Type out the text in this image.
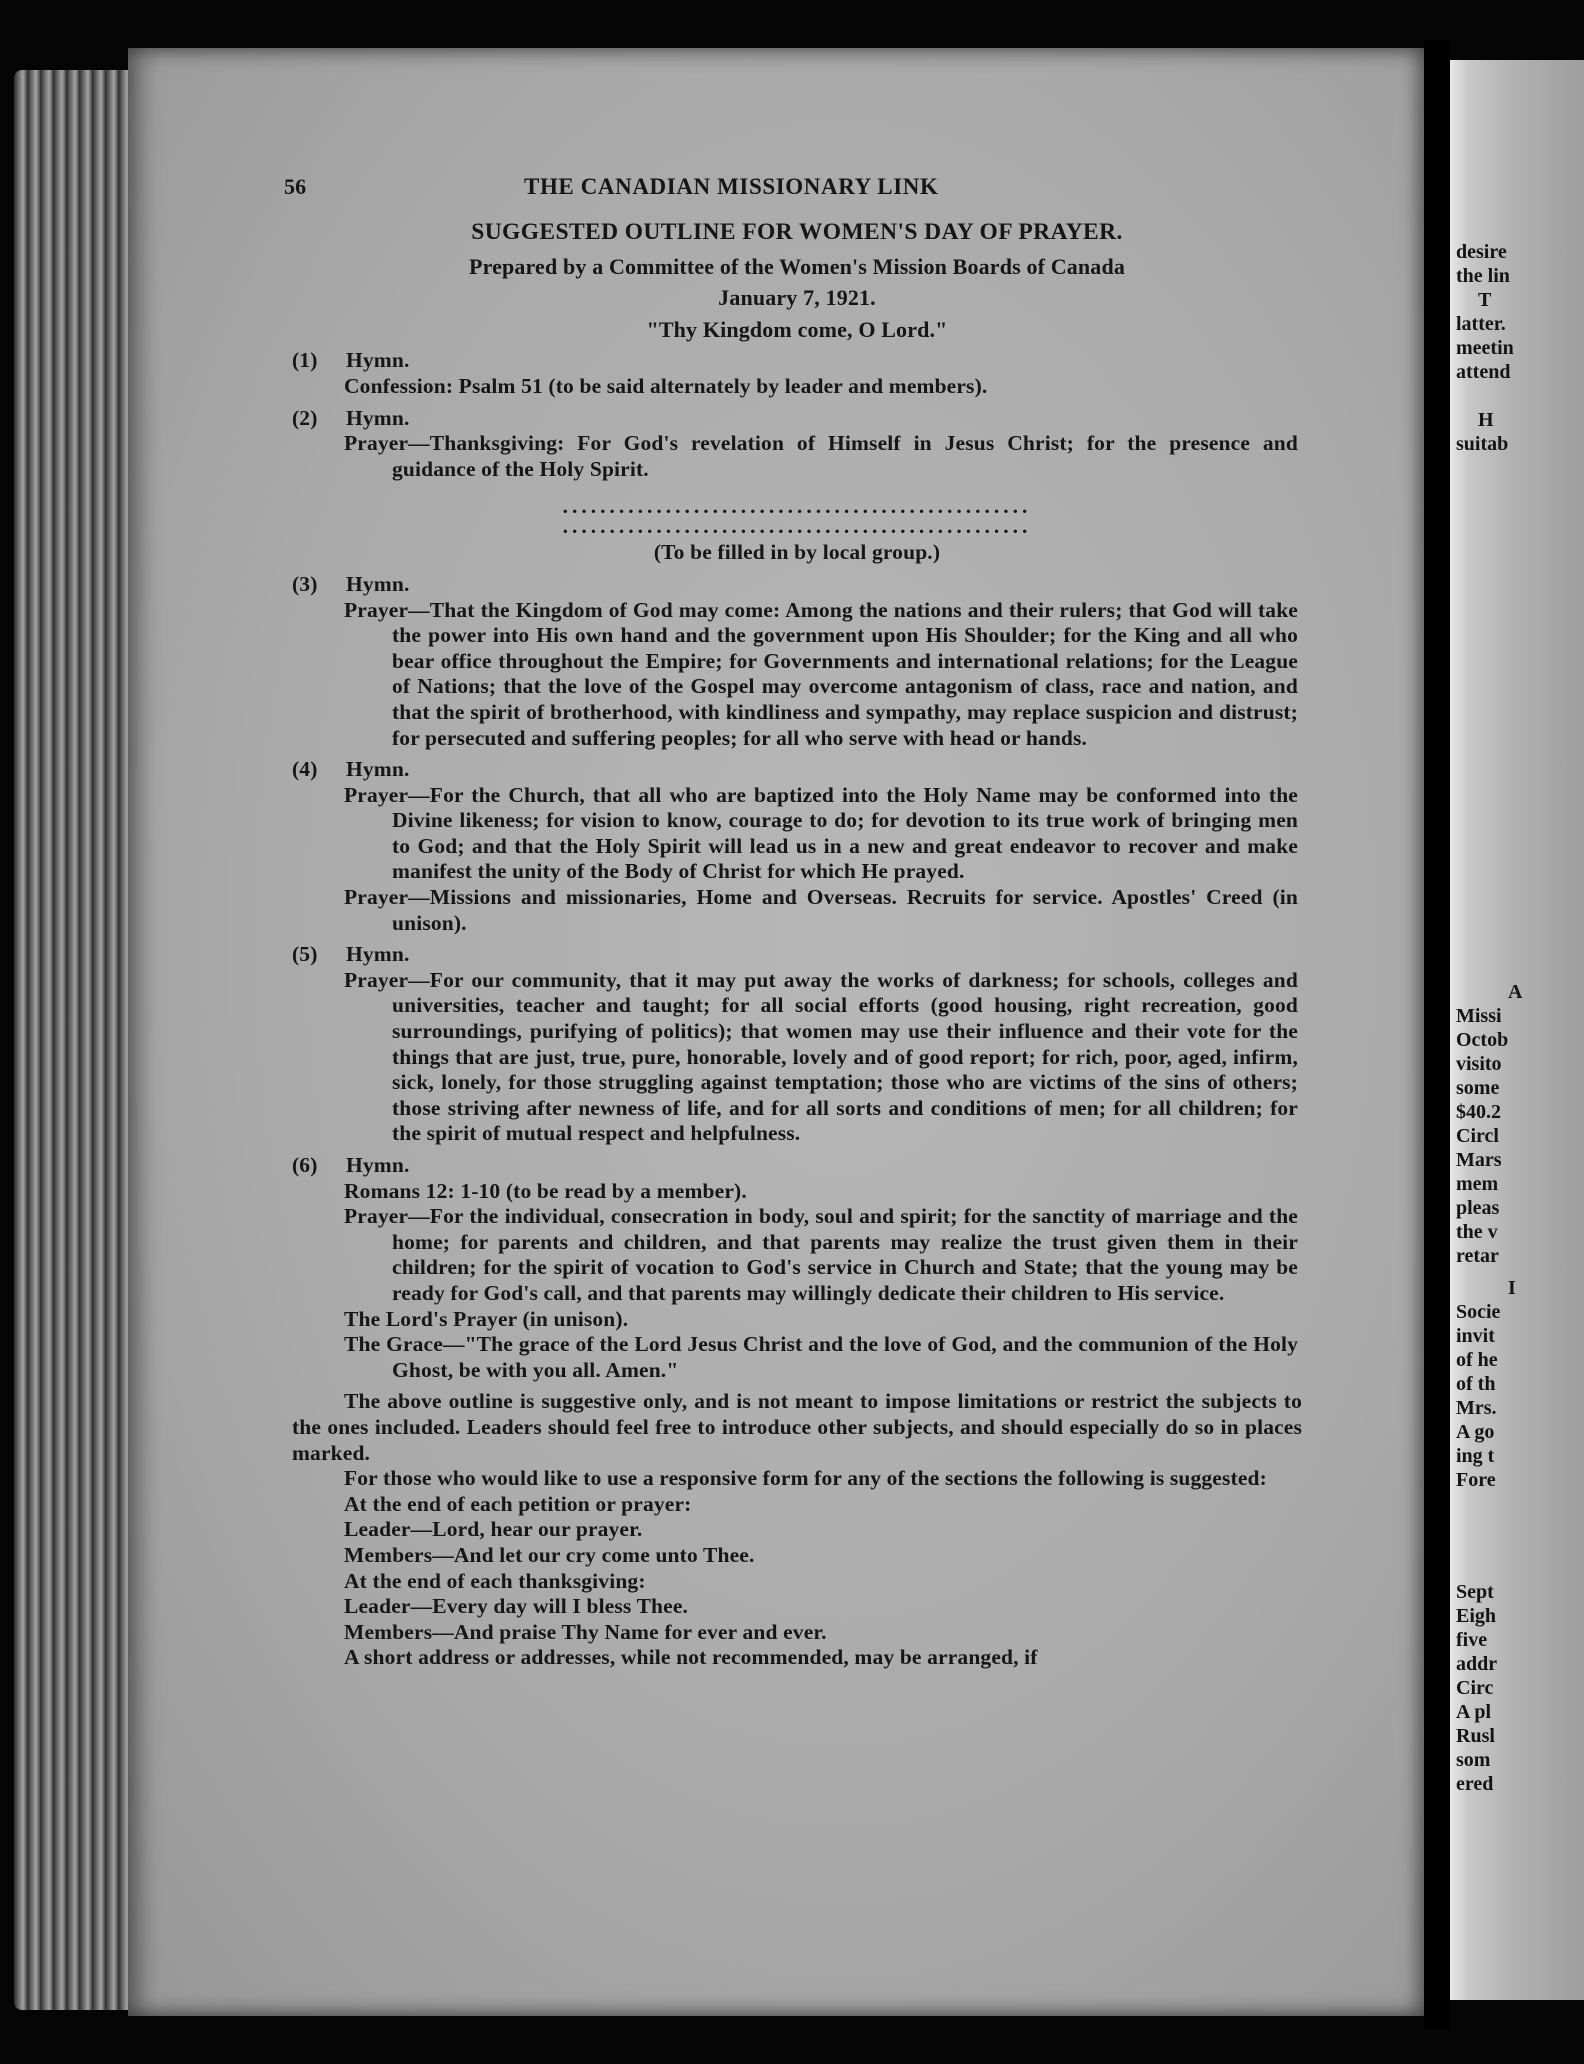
desire
the lin
T
latter.
meetin
attend
H
suitab
A
Missi
Octob
visito
some
$40.2
Circl
Mars
mem
pleas
the v
retar
I
Socie
invit
of he
of th
Mrs.
A go
ing t
Fore
Sept
Eigh
five
addr
Circ
A pl
Rusl
som
ered
56	THE CANADIAN MISSIONARY LINK
SUGGESTED OUTLINE FOR WOMEN'S DAY OF PRAYER.
Prepared by a Committee of the Women's Mission Boards of Canada
January 7, 1921.
"Thy Kingdom come, O Lord."
(1) Hymn.
Confession: Psalm 51 (to be said alternately by leader and members).
(2) Hymn.
Prayer—Thanksgiving: For God's revelation of Himself in Jesus Christ; for the presence and guidance of the Holy Spirit.
..................................................
..................................................
(To be filled in by local group.)
(3) Hymn.
Prayer—That the Kingdom of God may come: Among the nations and their rulers; that God will take the power into His own hand and the government upon His Shoulder; for the King and all who bear office throughout the Empire; for Governments and international relations; for the League of Nations; that the love of the Gospel may overcome antagonism of class, race and nation, and that the spirit of brotherhood, with kindliness and sympathy, may replace suspicion and distrust; for persecuted and suffering peoples; for all who serve with head or hands.
(4) Hymn.
Prayer—For the Church, that all who are baptized into the Holy Name may be conformed into the Divine likeness; for vision to know, courage to do; for devotion to its true work of bringing men to God; and that the Holy Spirit will lead us in a new and great endeavor to recover and make manifest the unity of the Body of Christ for which He prayed.
Prayer—Missions and missionaries, Home and Overseas. Recruits for service. Apostles' Creed (in unison).
(5) Hymn.
Prayer—For our community, that it may put away the works of darkness; for schools, colleges and universities, teacher and taught; for all social efforts (good housing, right recreation, good surroundings, purifying of politics); that women may use their influence and their vote for the things that are just, true, pure, honorable, lovely and of good report; for rich, poor, aged, infirm, sick, lonely, for those struggling against temptation; those who are victims of the sins of others; those striving after newness of life, and for all sorts and conditions of men; for all children; for the spirit of mutual respect and helpfulness.
(6) Hymn.
Romans 12: 1-10 (to be read by a member).
Prayer—For the individual, consecration in body, soul and spirit; for the sanctity of marriage and the home; for parents and children, and that parents may realize the trust given them in their children; for the spirit of vocation to God's service in Church and State; that the young may be ready for God's call, and that parents may willingly dedicate their children to His service.
The Lord's Prayer (in unison).
The Grace—"The grace of the Lord Jesus Christ and the love of God, and the communion of the Holy Ghost, be with you all. Amen."
The above outline is suggestive only, and is not meant to impose limitations or restrict the subjects to the ones included. Leaders should feel free to introduce other subjects, and should especially do so in places marked.
For those who would like to use a responsive form for any of the sections the following is suggested:
At the end of each petition or prayer:
Leader—Lord, hear our prayer.
Members—And let our cry come unto Thee.
At the end of each thanksgiving:
Leader—Every day will I bless Thee.
Members—And praise Thy Name for ever and ever.
A short address or addresses, while not recommended, may be arranged, if
